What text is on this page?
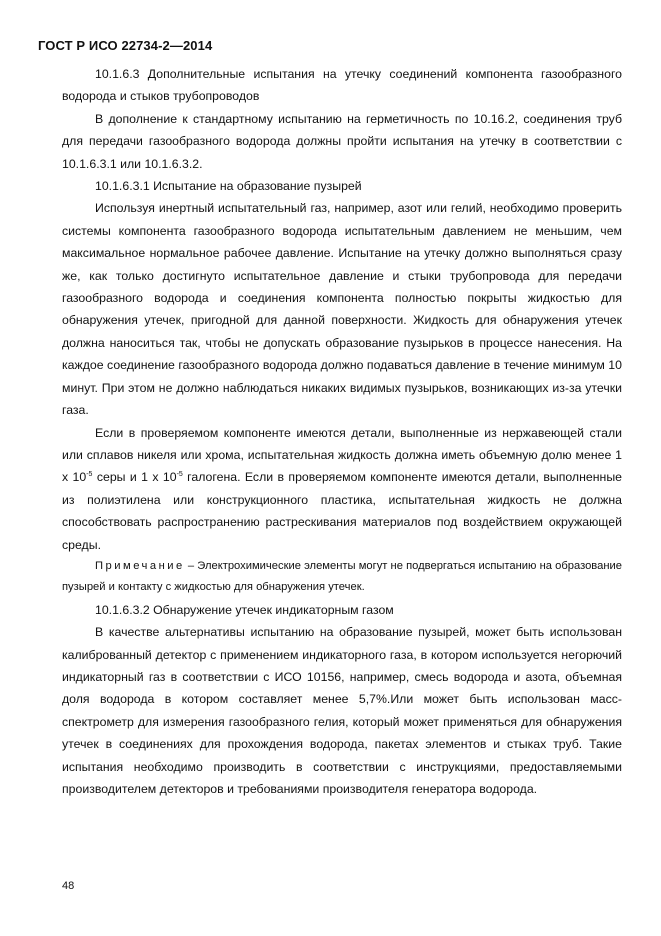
ГОСТ Р ИСО 22734-2—2014

10.1.6.3 Дополнительные испытания на утечку соединений компонента газообразного водорода и стыков трубопроводов

В дополнение к стандартному испытанию на герметичность по 10.16.2, соединения труб для передачи газообразного водорода должны пройти испытания на утечку в соответствии с 10.1.6.3.1 или 10.1.6.3.2.

10.1.6.3.1 Испытание на образование пузырей

Используя инертный испытательный газ, например, азот или гелий, необходимо проверить системы компонента газообразного водорода испытательным давлением не меньшим, чем максимальное нормальное рабочее давление. Испытание на утечку должно выполняться сразу же, как только достигнуто испытательное давление и стыки трубопровода для передачи газообразного водорода и соединения компонента полностью покрыты жидкостью для обнаружения утечек, пригодной для данной поверхности. Жидкость для обнаружения утечек должна наноситься так, чтобы не допускать образование пузырьков в процессе нанесения. На каждое соединение газообразного водорода должно подаваться давление в течение минимум 10 минут. При этом не должно наблюдаться никаких видимых пузырьков, возникающих из-за утечки газа.

Если в проверяемом компоненте имеются детали, выполненные из нержавеющей стали или сплавов никеля или хрома, испытательная жидкость должна иметь объемную долю менее 1 х $10^{-5}$ серы и 1 х $10^{-5}$ галогена. Если в проверяемом компоненте имеются детали, выполненные из полиэтилена или конструкционного пластика, испытательная жидкость не должна способствовать распространению растрескивания материалов под воздействием окружающей среды.

Примечание – Электрохимические элементы могут не подвергаться испытанию на образование пузырей и контакту с жидкостью для обнаружения утечек.

10.1.6.3.2 Обнаружение утечек индикаторным газом

В качестве альтернативы испытанию на образование пузырей, может быть использован калиброванный детектор с применением индикаторного газа, в котором используется негорючий индикаторный газ в соответствии с ИСО 10156, например, смесь водорода и азота, объемная доля водорода в котором составляет менее 5,7%.Или может быть использован масс-спектрометр для измерения газообразного гелия, который может применяться для обнаружения утечек в соединениях для прохождения водорода, пакетах элементов и стыках труб. Такие испытания необходимо производить в соответствии с инструкциями, предоставляемыми производителем детекторов и требованиями производителя генератора водорода.

48
